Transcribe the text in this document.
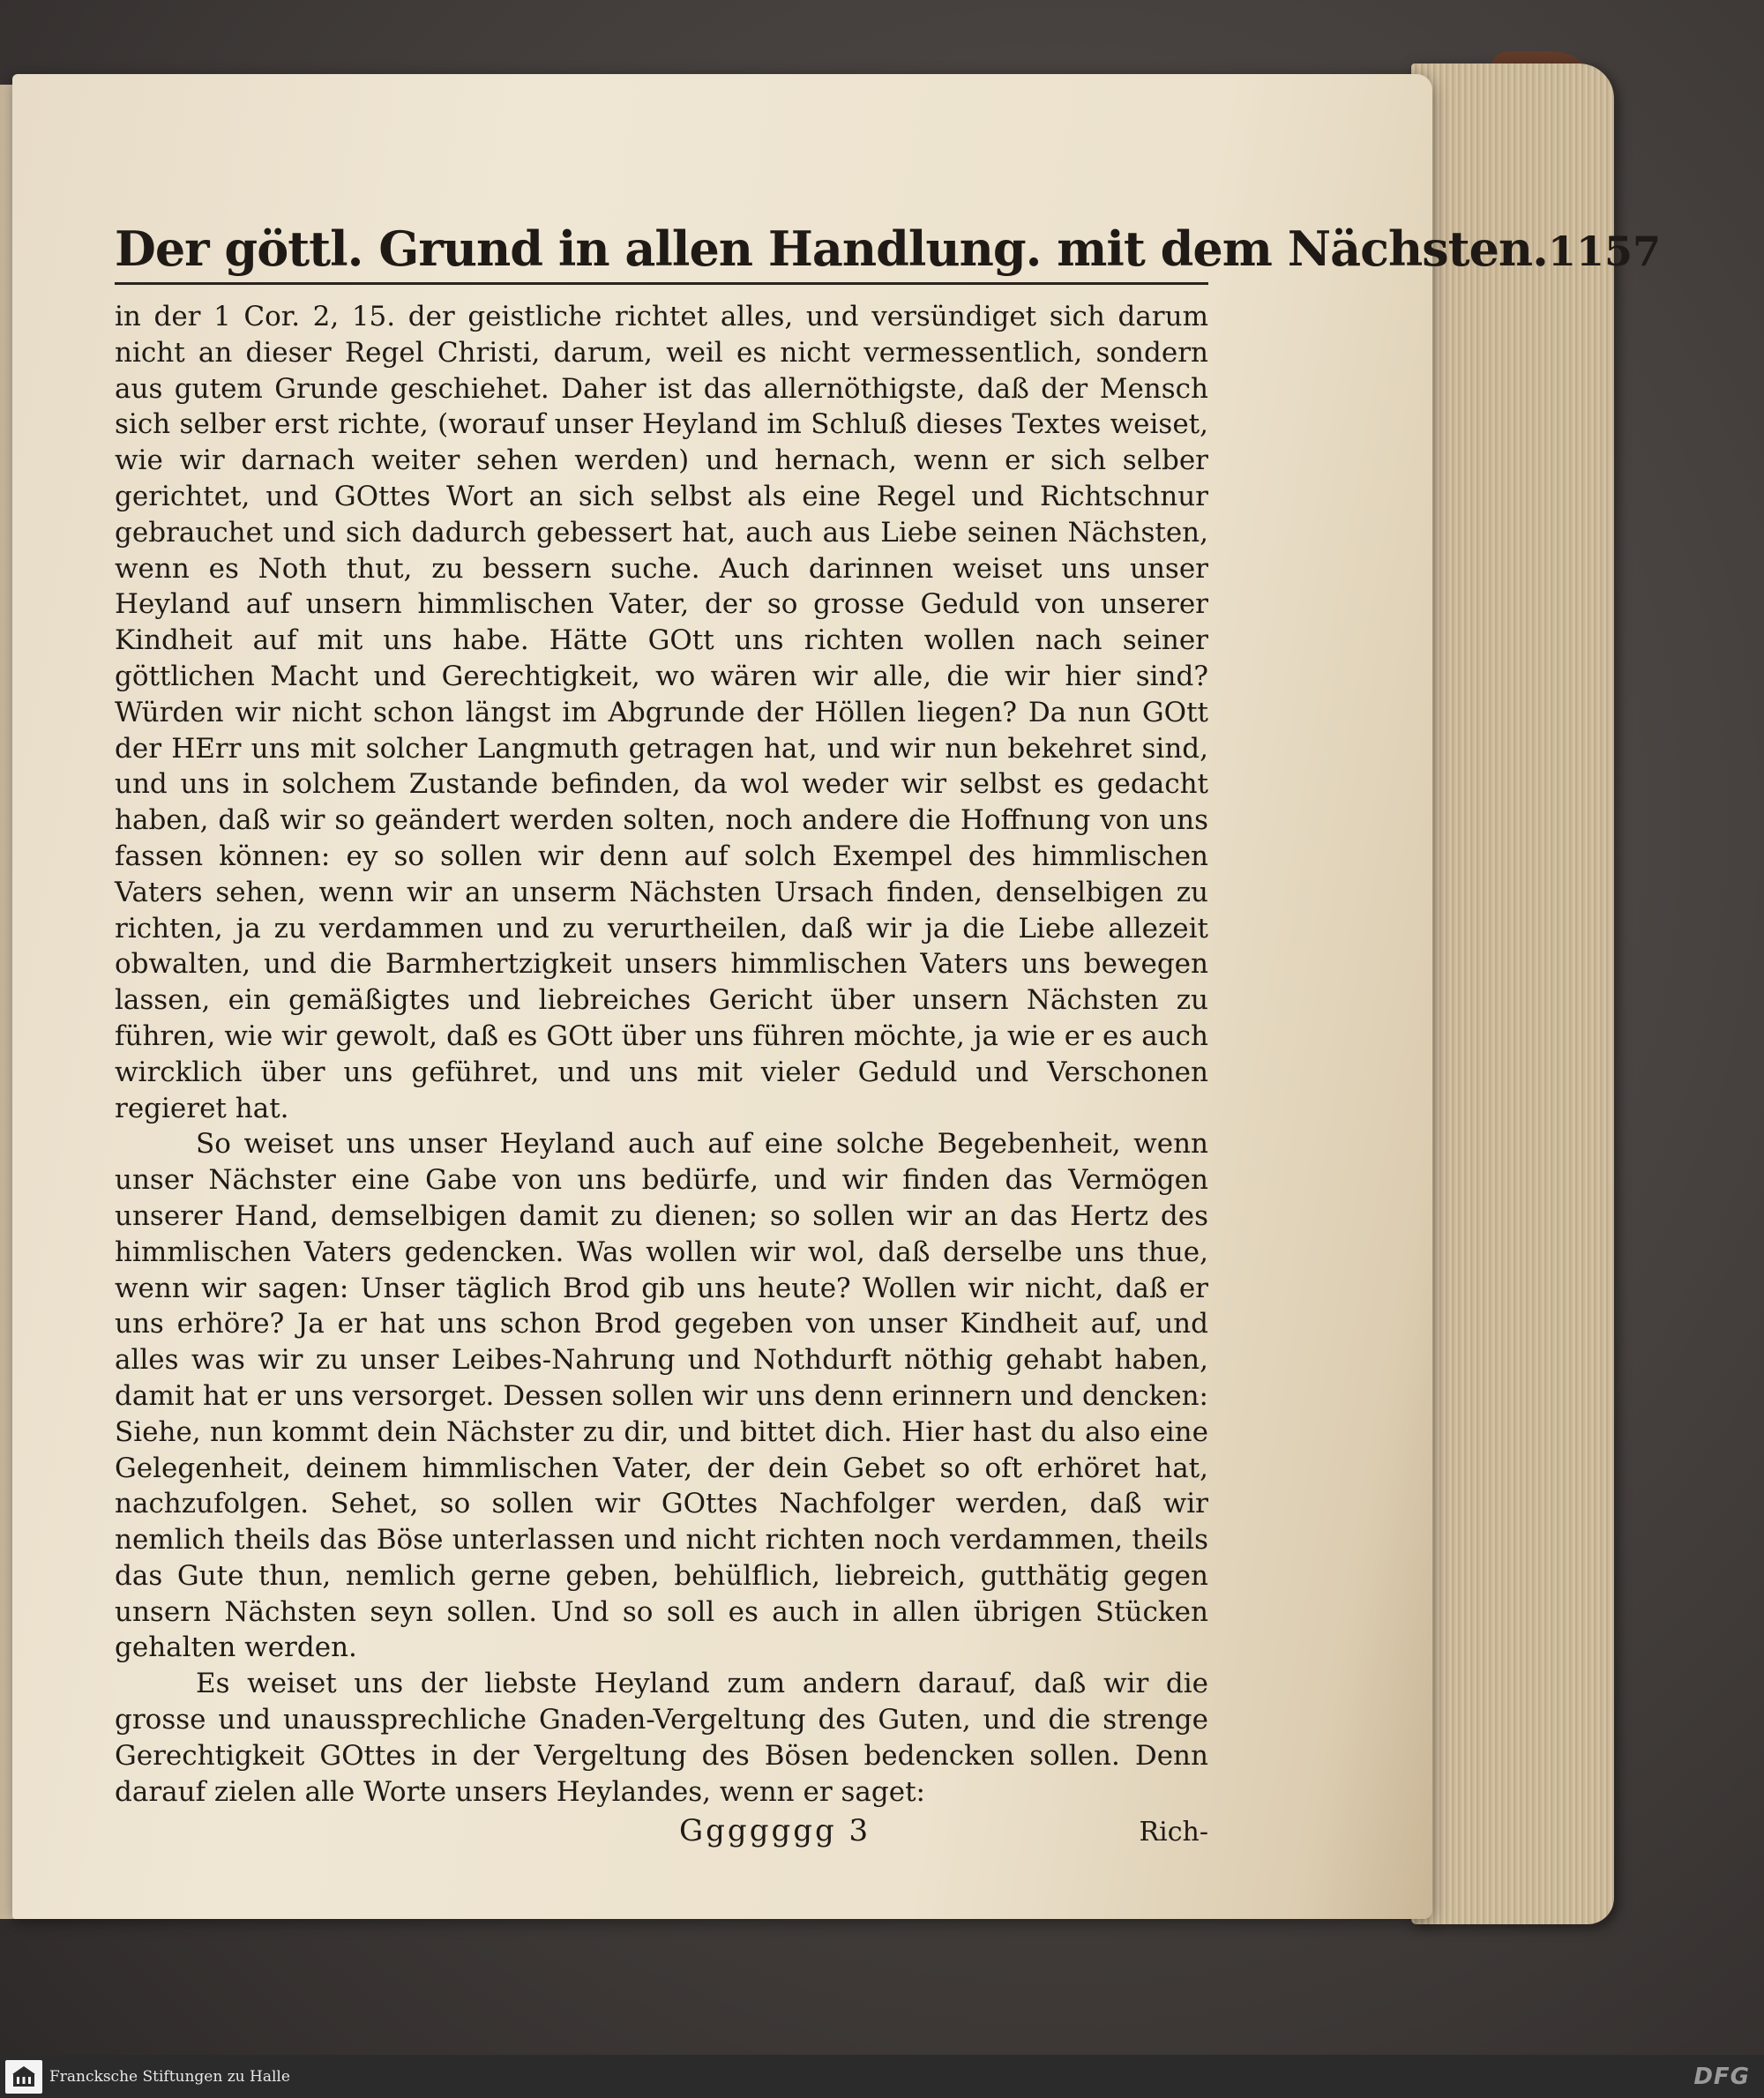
Der göttl. Grund in allen Handlung. mit dem Nächsten. 1157

in der 1 Cor. 2, 15. der geistliche richtet alles, und versündiget sich darum nicht an dieser Regel Christi, darum, weil es nicht vermessentlich, sondern aus gutem Grunde geschiehet. Daher ist das allernöthigste, daß der Mensch sich selber erst richte, (worauf unser Heyland im Schluß dieses Textes weiset, wie wir darnach weiter sehen werden) und hernach, wenn er sich selber gerichtet, und GOttes Wort an sich selbst als eine Regel und Richtschnur gebrauchet und sich dadurch gebessert hat, auch aus Liebe seinen Nächsten, wenn es Noth thut, zu bessern suche. Auch darinnen weiset uns unser Heyland auf unsern himmlischen Vater, der so grosse Geduld von unserer Kindheit auf mit uns habe. Hätte GOtt uns richten wollen nach seiner göttlichen Macht und Gerechtigkeit, wo wären wir alle, die wir hier sind? Würden wir nicht schon längst im Abgrunde der Höllen liegen? Da nun GOtt der HErr uns mit solcher Langmuth getragen hat, und wir nun bekehret sind, und uns in solchem Zustande befinden, da wol weder wir selbst es gedacht haben, daß wir so geändert werden solten, noch andere die Hoffnung von uns fassen können: ey so sollen wir denn auf solch Exempel des himmlischen Vaters sehen, wenn wir an unserm Nächsten Ursach finden, denselbigen zu richten, ja zu verdammen und zu verurtheilen, daß wir ja die Liebe allezeit obwalten, und die Barmhertzigkeit unsers himmlischen Vaters uns bewegen lassen, ein gemäßigtes und liebreiches Gericht über unsern Nächsten zu führen, wie wir gewolt, daß es GOtt über uns führen möchte, ja wie er es auch wircklich über uns geführet, und uns mit vieler Geduld und Verschonen regieret hat.

So weiset uns unser Heyland auch auf eine solche Begebenheit, wenn unser Nächster eine Gabe von uns bedürfe, und wir finden das Vermögen unserer Hand, demselbigen damit zu dienen; so sollen wir an das Hertz des himmlischen Vaters gedencken. Was wollen wir wol, daß derselbe uns thue, wenn wir sagen: Unser täglich Brod gib uns heute? Wollen wir nicht, daß er uns erhöre? Ja er hat uns schon Brod gegeben von unser Kindheit auf, und alles was wir zu unser Leibes-Nahrung und Nothdurft nöthig gehabt haben, damit hat er uns versorget. Dessen sollen wir uns denn erinnern und dencken: Siehe, nun kommt dein Nächster zu dir, und bittet dich. Hier hast du also eine Gelegenheit, deinem himmlischen Vater, der dein Gebet so oft erhöret hat, nachzufolgen. Sehet, so sollen wir GOttes Nachfolger werden, daß wir nemlich theils das Böse unterlassen und nicht richten noch verdammen, theils das Gute thun, nemlich gerne geben, behülflich, liebreich, gutthätig gegen unsern Nächsten seyn sollen. Und so soll es auch in allen übrigen Stücken gehalten werden.

Es weiset uns der liebste Heyland zum andern darauf, daß wir die grosse und unaussprechliche Gnaden-Vergeltung des Guten, und die strenge Gerechtigkeit GOttes in der Vergeltung des Bösen bedencken sollen. Denn darauf zielen alle Worte unsers Heylandes, wenn er saget:

Ggggggg 3	Rich-
Francksche Stiftungen zu Halle	DFG
